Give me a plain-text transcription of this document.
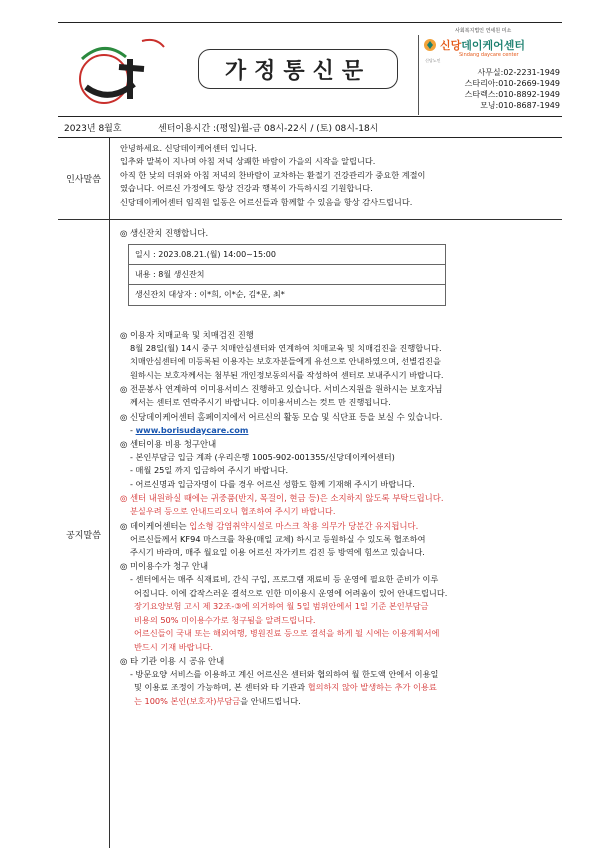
가정통신문
사회복지법인 연세원 미소
신당데이케어센터
Sindang daycare center
신당노인
사무실:02-2231-1949
스타리아:010-2669-1949
스타렉스:010-8892-1949
모닝:010-8687-1949
2023년 8월호	센터이용시간 :(평일)월-금 08시-22시 / (토) 08시-18시
인사말씀
안녕하세요. 신당데이케어센터 입니다.
입추와 말복이 지나며 아침 저녁 상쾌한 바람이 가을의 시작을 알립니다.
아직 한 낮의 더위와 아침 저녁의 찬바람이 교차하는 환절기 건강관리가 중요한 계절이
였습니다. 어르신 가정에도 항상 건강과 행복이 가득하시길 기원합니다.
신당데이케어센터 임직원 일동은 어르신들과 함께할 수 있음을 항상 감사드립니다.
공지말씀
◎ 생신잔치 진행합니다.
일시 : 2023.08.21.(월) 14:00~15:00
내용 : 8월 생신잔치
생신잔치 대상자 : 이*희, 이*순, 김*문, 최*
◎ 이용자 치매교육 및 치매검진 진행
8월 28일(월) 14시 중구 치매안심센터와 연계하여 치매교육 및 치매검진을 진행합니다.
치매안심센터에 미등록된 이용자는 보호자분들에게 유선으로 안내하였으며, 선별검진을
원하시는 보호자께서는 첨부된 개인정보동의서를 작성하여 센터로 보내주시기 바랍니다.
◎ 전문봉사 연계하여 이미용서비스 진행하고 있습니다. 서비스지원을 원하시는 보호자님
께서는 센터로 연락주시기 바랍니다. 이미용서비스는 컷트 만 진행됩니다.
◎ 신당데이케어센터 홈페이지에서 어르신의 활동 모습 및 식단표 등을 보실 수 있습니다.
- www.borisudaycare.com
◎ 센터이용 비용 청구안내
- 본인부담금 입금 계좌 (우리은행 1005-902-001355/신당데이케어센터)
- 매월 25일 까지 입금하여 주시기 바랍니다.
- 어르신명과 입금자명이 다를 경우 어르신 성함도 함께 기재해 주시기 바랍니다.
◎ 센터 내원하실 때에는 귀중품(반지, 목걸이, 현금 등)은 소지하지 않도록 부탁드립니다.
분실우려 등으로 안내드리오니 협조하여 주시기 바랍니다.
◎ 데이케어센터는 입소형 감염취약시설로 마스크 착용 의무가 당분간 유지됩니다.
어르신들께서 KF94 마스크를 착용(매일 교체) 하시고 등원하실 수 있도록 협조하여
주시기 바라며, 매주 월요일 이용 어르신 자가키트 검진 등 방역에 힘쓰고 있습니다.
◎ 미이용수가 청구 안내
- 센터에서는 매주 식재료비, 간식 구입, 프로그램 재료비 등 운영에 필요한 준비가 이루
어집니다. 이에 갑작스러운 결석으로 인한 미이용시 운영에 어려움이 있어 안내드립니다.
장기요양보험 고시 제 32조-③에 의거하여 월 5일 범위안에서 1일 기준 본인부담금
비용의 50% 미이용수가로 청구됨을 알려드립니다.
어르신들이 국내 또는 해외여행, 병원진료 등으로 결석을 하게 될 시에는 이용계획서에
반드시 기재 바랍니다.
◎ 타 기관 이용 시 공유 안내
- 방문요양 서비스를 이용하고 계신 어르신은 센터와 협의하여 월 한도액 안에서 이용일
및 이용료 조정이 가능하며, 본 센터와 타 기관과 협의하지 않아 발생하는 추가 이용료
는 100% 본인(보호자)부담금을 안내드립니다.
